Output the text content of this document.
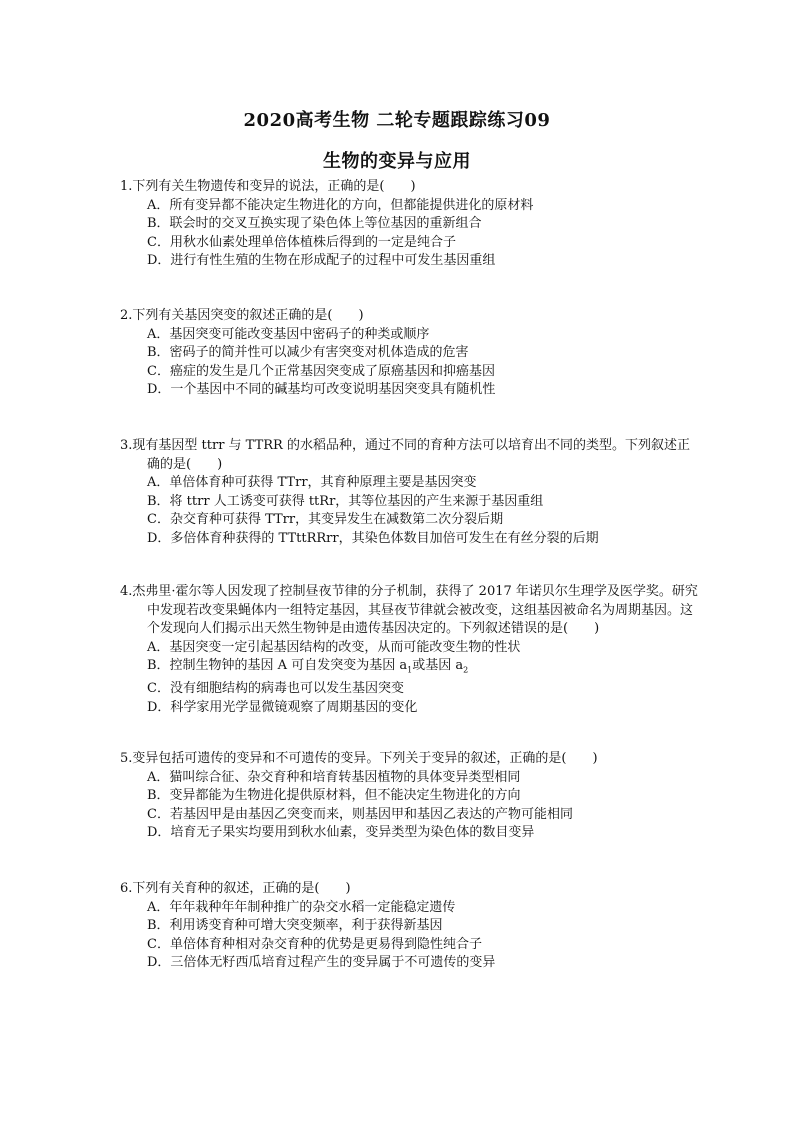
2020高考生物 二轮专题跟踪练习09
生物的变异与应用
1.下列有关生物遗传和变异的说法，正确的是(　　)
A．所有变异都不能决定生物进化的方向，但都能提供进化的原材料
B．联会时的交叉互换实现了染色体上等位基因的重新组合
C．用秋水仙素处理单倍体植株后得到的一定是纯合子
D．进行有性生殖的生物在形成配子的过程中可发生基因重组
2.下列有关基因突变的叙述正确的是(　　)
A．基因突变可能改变基因中密码子的种类或顺序
B．密码子的简并性可以减少有害突变对机体造成的危害
C．癌症的发生是几个正常基因突变成了原癌基因和抑癌基因
D．一个基因中不同的碱基均可改变说明基因突变具有随机性
3.现有基因型 ttrr 与 TTRR 的水稻品种，通过不同的育种方法可以培育出不同的类型。下列叙述正确的是(　　)
A．单倍体育种可获得 TTrr，其育种原理主要是基因突变
B．将 ttrr 人工诱变可获得 ttRr，其等位基因的产生来源于基因重组
C．杂交育种可获得 TTrr，其变异发生在减数第二次分裂后期
D．多倍体育种获得的 TTttRRrr，其染色体数目加倍可发生在有丝分裂的后期
4.杰弗里·霍尔等人因发现了控制昼夜节律的分子机制，获得了 2017 年诺贝尔生理学及医学奖。研究中发现若改变果蝇体内一组特定基因，其昼夜节律就会被改变，这组基因被命名为周期基因。这个发现向人们揭示出天然生物钟是由遗传基因决定的。下列叙述错误的是(　　)
A．基因突变一定引起基因结构的改变，从而可能改变生物的性状
B．控制生物钟的基因 A 可自发突变为基因 $a_1$或基因 $a_2$
C．没有细胞结构的病毒也可以发生基因突变
D．科学家用光学显微镜观察了周期基因的变化
5.变异包括可遗传的变异和不可遗传的变异。下列关于变异的叙述，正确的是(　　)
A．猫叫综合征、杂交育种和培育转基因植物的具体变异类型相同
B．变异都能为生物进化提供原材料，但不能决定生物进化的方向
C．若基因甲是由基因乙突变而来，则基因甲和基因乙表达的产物可能相同
D．培育无子果实均要用到秋水仙素，变异类型为染色体的数目变异
6.下列有关育种的叙述，正确的是(　　)
A．年年栽种年年制种推广的杂交水稻一定能稳定遗传
B．利用诱变育种可增大突变频率，利于获得新基因
C．单倍体育种相对杂交育种的优势是更易得到隐性纯合子
D．三倍体无籽西瓜培育过程产生的变异属于不可遗传的变异
